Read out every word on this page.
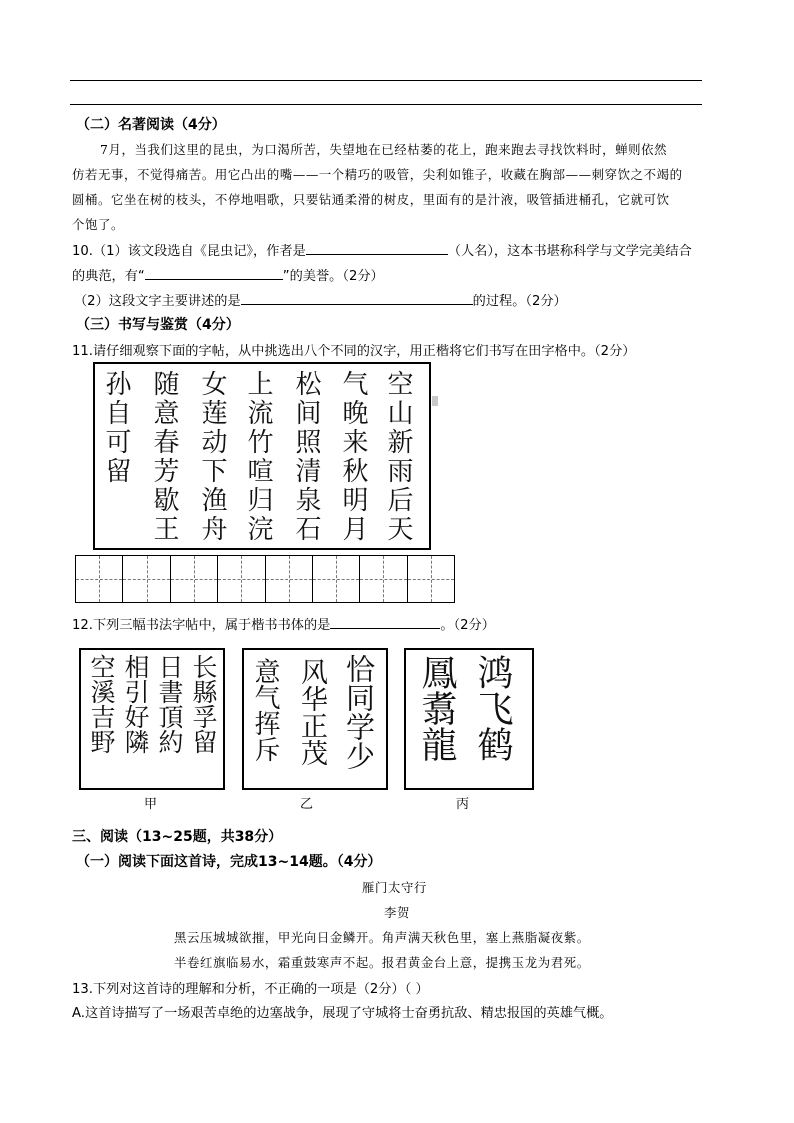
（二）名著阅读（4分）
7月，当我们这里的昆虫，为口渴所苦，失望地在已经枯萎的花上，跑来跑去寻找饮料时，蝉则依然
仿若无事，不觉得痛苦。用它凸出的嘴——一个精巧的吸管，尖利如锥子，收藏在胸部——刺穿饮之不竭的
圆桶。它坐在树的枝头，不停地唱歌，只要钻通柔滑的树皮，里面有的是汁液，吸管插进桶孔，它就可饮
个饱了。
10.（1）该文段选自《昆虫记》，作者是	（人名），这本书堪称科学与文学完美结合
的典范，有“	”的美誉。（2分）
（2）这段文字主要讲述的是	的过程。（2分）
（三）书写与鉴赏（4分）
11.请仔细观察下面的字帖，从中挑选出八个不同的汉字，用正楷将它们书写在田字格中。（2分）
空山新雨后天
气晚来秋明月
松间照清泉石
上流竹喧归浣
女莲动下渔舟
随意春芳歇王
孙自可留
12.下列三幅书法字帖中，属于楷书书体的是	。（2分）
长縣孚留
日書頂約
相引好隣
空溪吉野	恰同学少
风华正茂
意气挥斥	鸿飞鹤
鳳翥龍
甲	乙	丙
三、阅读（13~25题，共38分）
（一）阅读下面这首诗，完成13~14题。（4分）
雁门太守行
李贺
黑云压城城欲摧，甲光向日金鳞开。角声满天秋色里，塞上燕脂凝夜紫。
半卷红旗临易水，霜重鼓寒声不起。报君黄金台上意，提携玉龙为君死。
13.下列对这首诗的理解和分析，不正确的一项是（2分）（ ）
A.这首诗描写了一场艰苦卓绝的边塞战争，展现了守城将士奋勇抗敌、精忠报国的英雄气概。
